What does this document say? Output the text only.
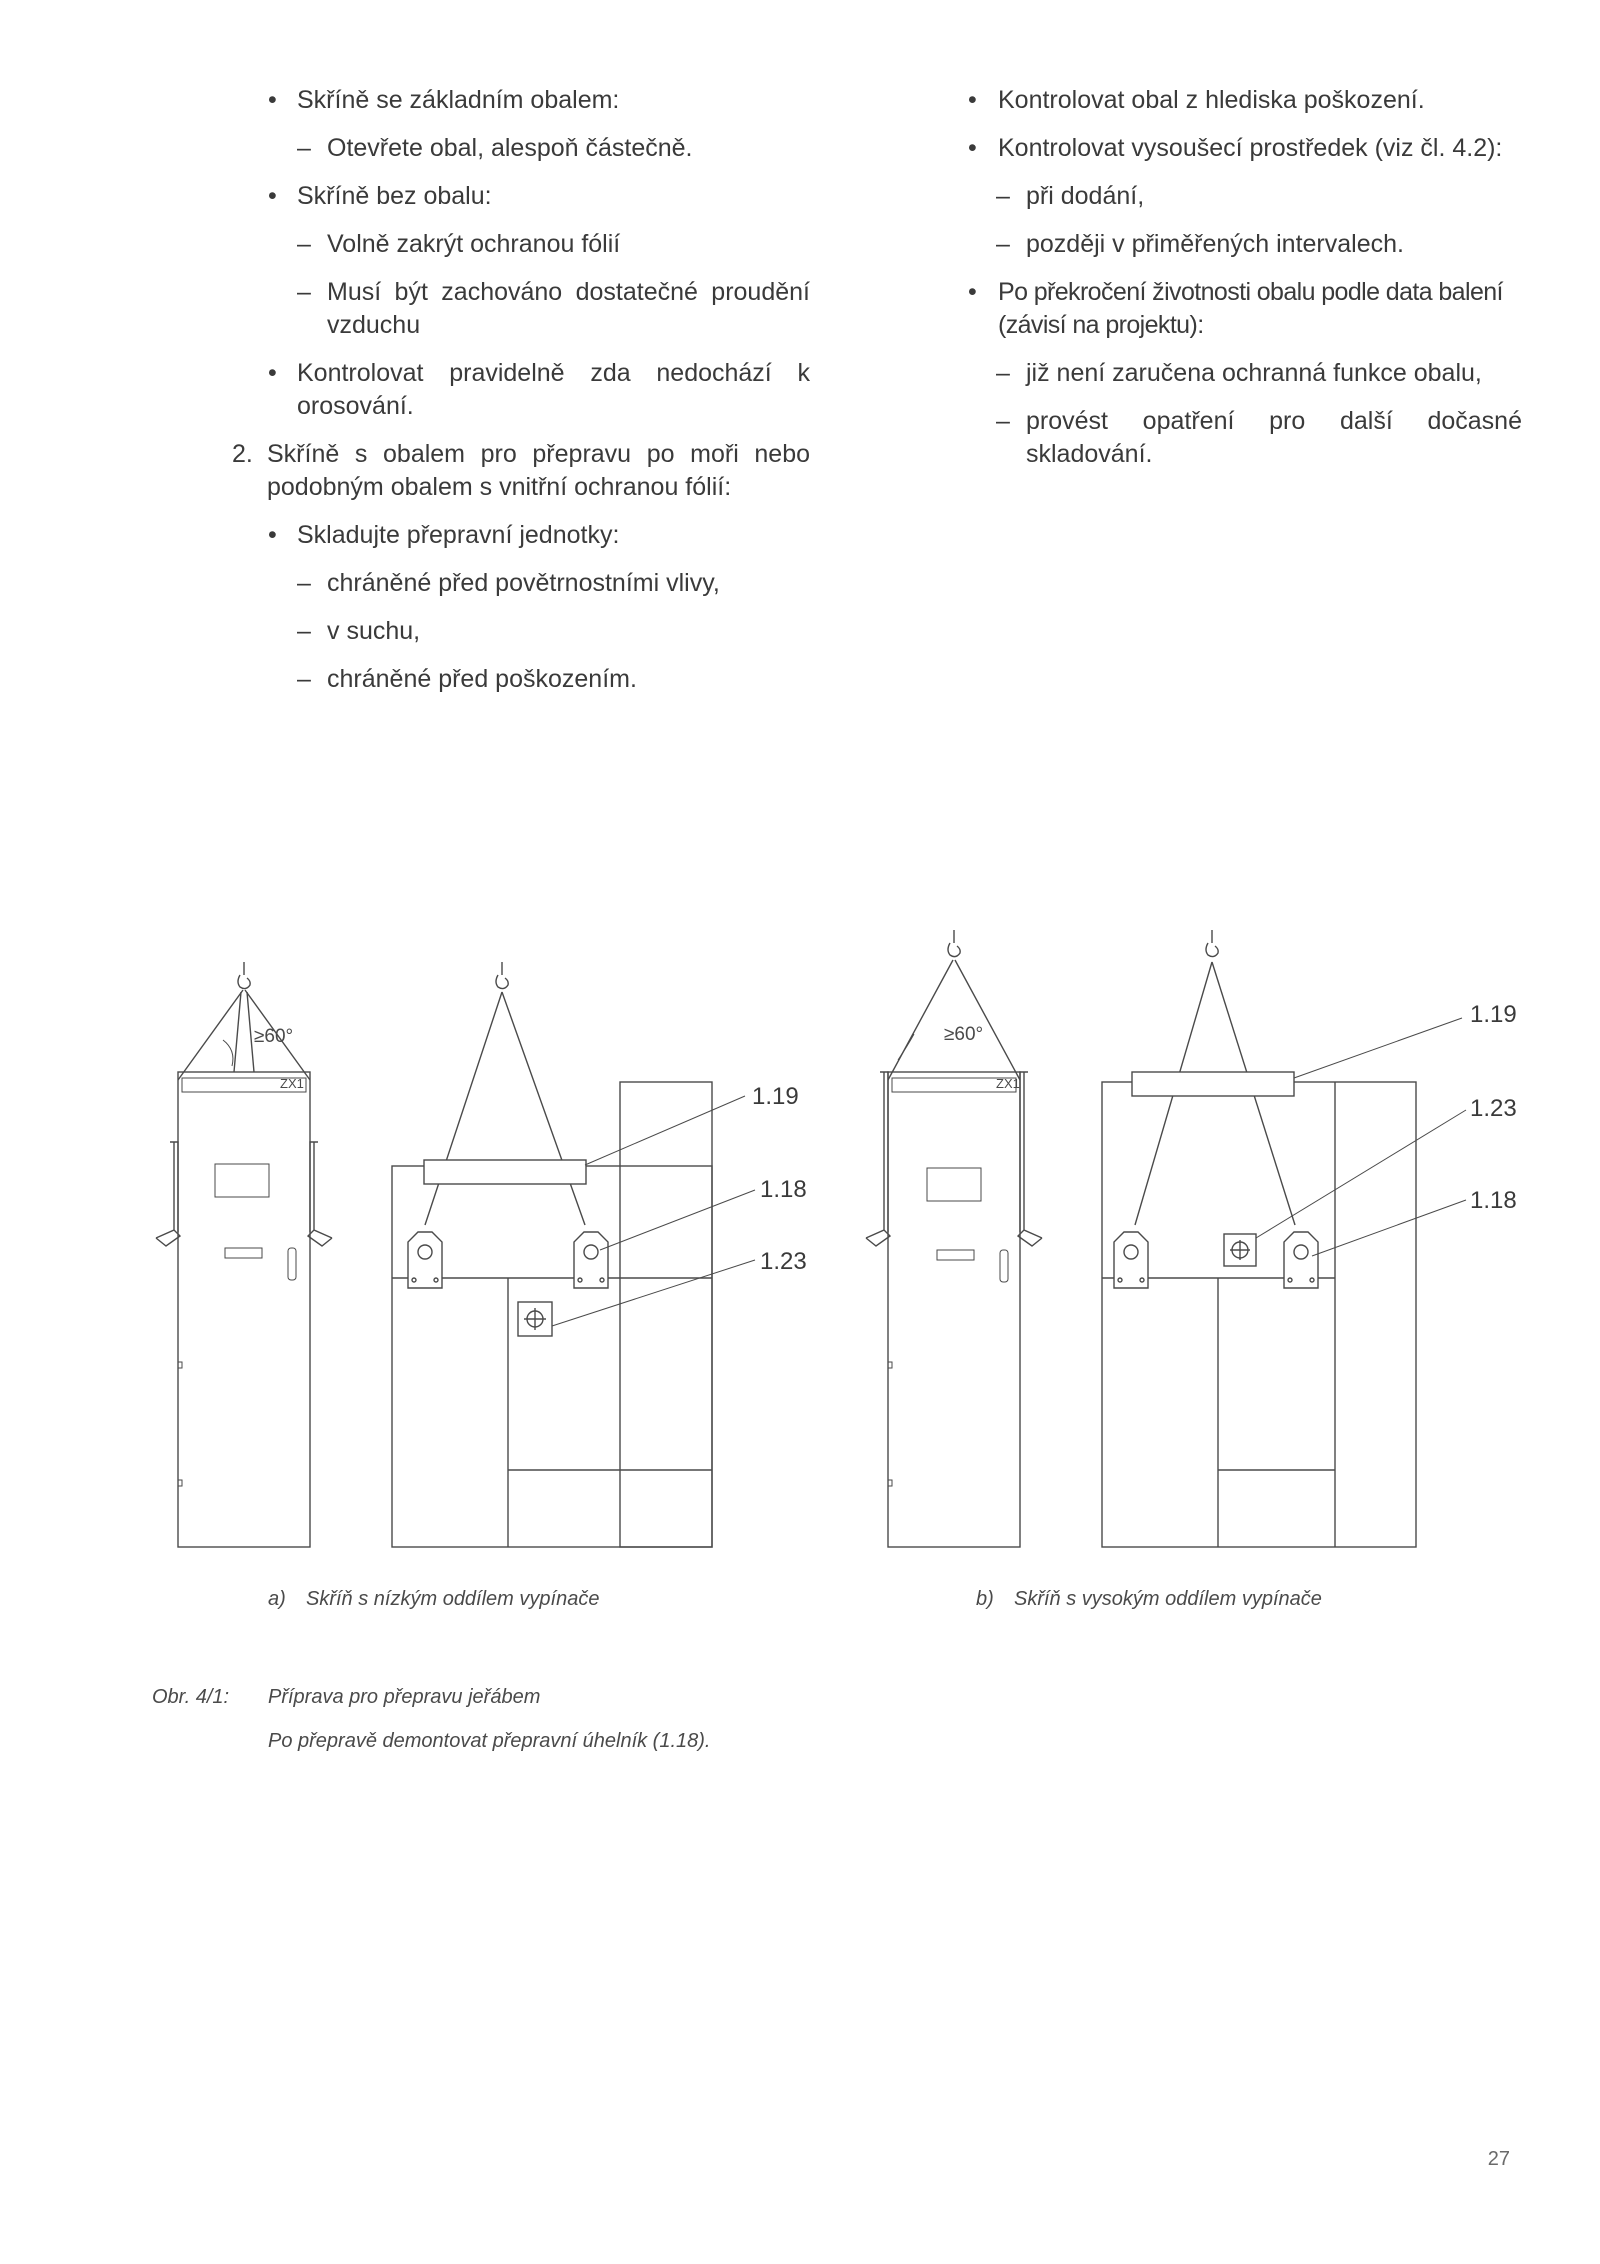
• Skříně se základním obalem:
– Otevřete obal, alespoň částečně.
• Skříně bez obalu:
– Volně zakrýt ochranou fólií
– Musí být zachováno dostatečné proudění vzduchu
• Kontrolovat pravidelně zda nedochází k orosování.
2. Skříně s obalem pro přepravu po moři nebo podobným obalem s vnitřní ochranou fólií:
• Skladujte přepravní jednotky:
– chráněné před povětrnostními vlivy,
– v suchu,
– chráněné před poškozením.
• Kontrolovat obal z hlediska poškození.
• Kontrolovat vysoušecí prostředek (viz čl. 4.2):
– při dodání,
– později v přiměřených intervalech.
• Po překročení životnosti obalu podle data balení (závisí na projektu):
– již není zaručena ochranná funkce obalu,
– provést opatření pro další dočasné skladování.
ZX1
≥60°
1.19
1.18
1.23
ZX1
≥60°
1.19
1.23
1.18
a) Skříň s nízkým oddílem vypínače	b) Skříň s vysokým oddílem vypínače
Obr. 4/1: Příprava pro přepravu jeřábem
Po přepravě demontovat přepravní úhelník (1.18).
27
